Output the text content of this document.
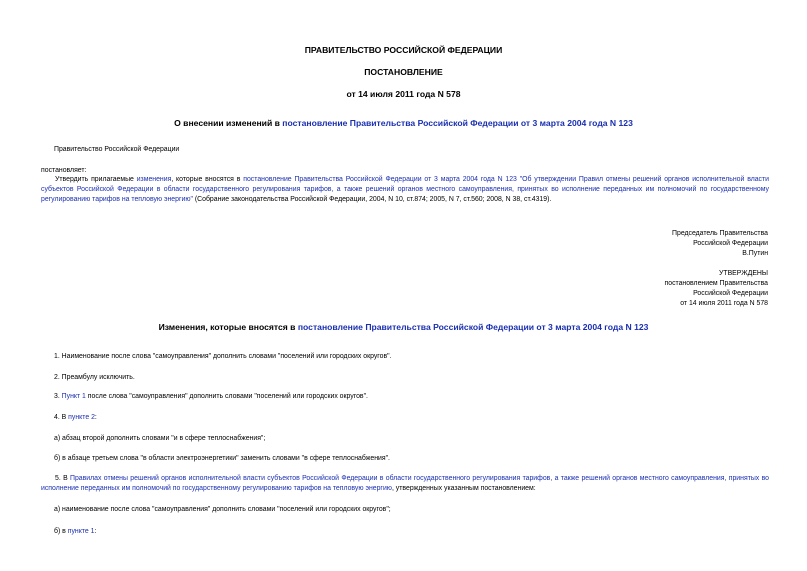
ПРАВИТЕЛЬСТВО РОССИЙСКОЙ ФЕДЕРАЦИИ
ПОСТАНОВЛЕНИЕ
от 14 июля 2011 года N 578
О внесении изменений в постановление Правительства Российской Федерации от 3 марта 2004 года N 123
Правительство Российской Федерации
постановляет:

Утвердить прилагаемые изменения, которые вносятся в постановление Правительства Российской Федерации от 3 марта 2004 года N 123 "Об утверждении Правил отмены решений органов исполнительной власти субъектов Российской Федерации в области государственного регулирования тарифов, а также решений органов местного самоуправления, принятых во исполнение переданных им полномочий по государственному регулированию тарифов на тепловую энергию" (Собрание законодательства Российской Федерации, 2004, N 10, ст.874; 2005, N 7, ст.560; 2008, N 38, ст.4319).

Председатель Правительства
Российской Федерации
В.Путин
УТВЕРЖДЕНЫ
постановлением Правительства
Российской Федерации
от 14 июля 2011 года N 578
Изменения, которые вносятся в постановление Правительства Российской Федерации от 3 марта 2004 года N 123
1. Наименование после слова "самоуправления" дополнить словами "поселений или городских округов".
2. Преамбулу исключить.
3. Пункт 1 после слова "самоуправления" дополнить словами "поселений или городских округов".
4. В пункте 2:
а) абзац второй дополнить словами "и в сфере теплоснабжения";
б) в абзаце третьем слова "в области электроэнергетики" заменить словами "в сфере теплоснабжения".

5. В Правилах отмены решений органов исполнительной власти субъектов Российской Федерации в области государственного регулирования тарифов, а также решений органов местного самоуправления, принятых во исполнение переданных им полномочий по государственному регулированию тарифов на тепловую энергию, утвержденных указанным постановлением:

а) наименование после слова "самоуправления" дополнить словами "поселений или городских округов";
б) в пункте 1:
